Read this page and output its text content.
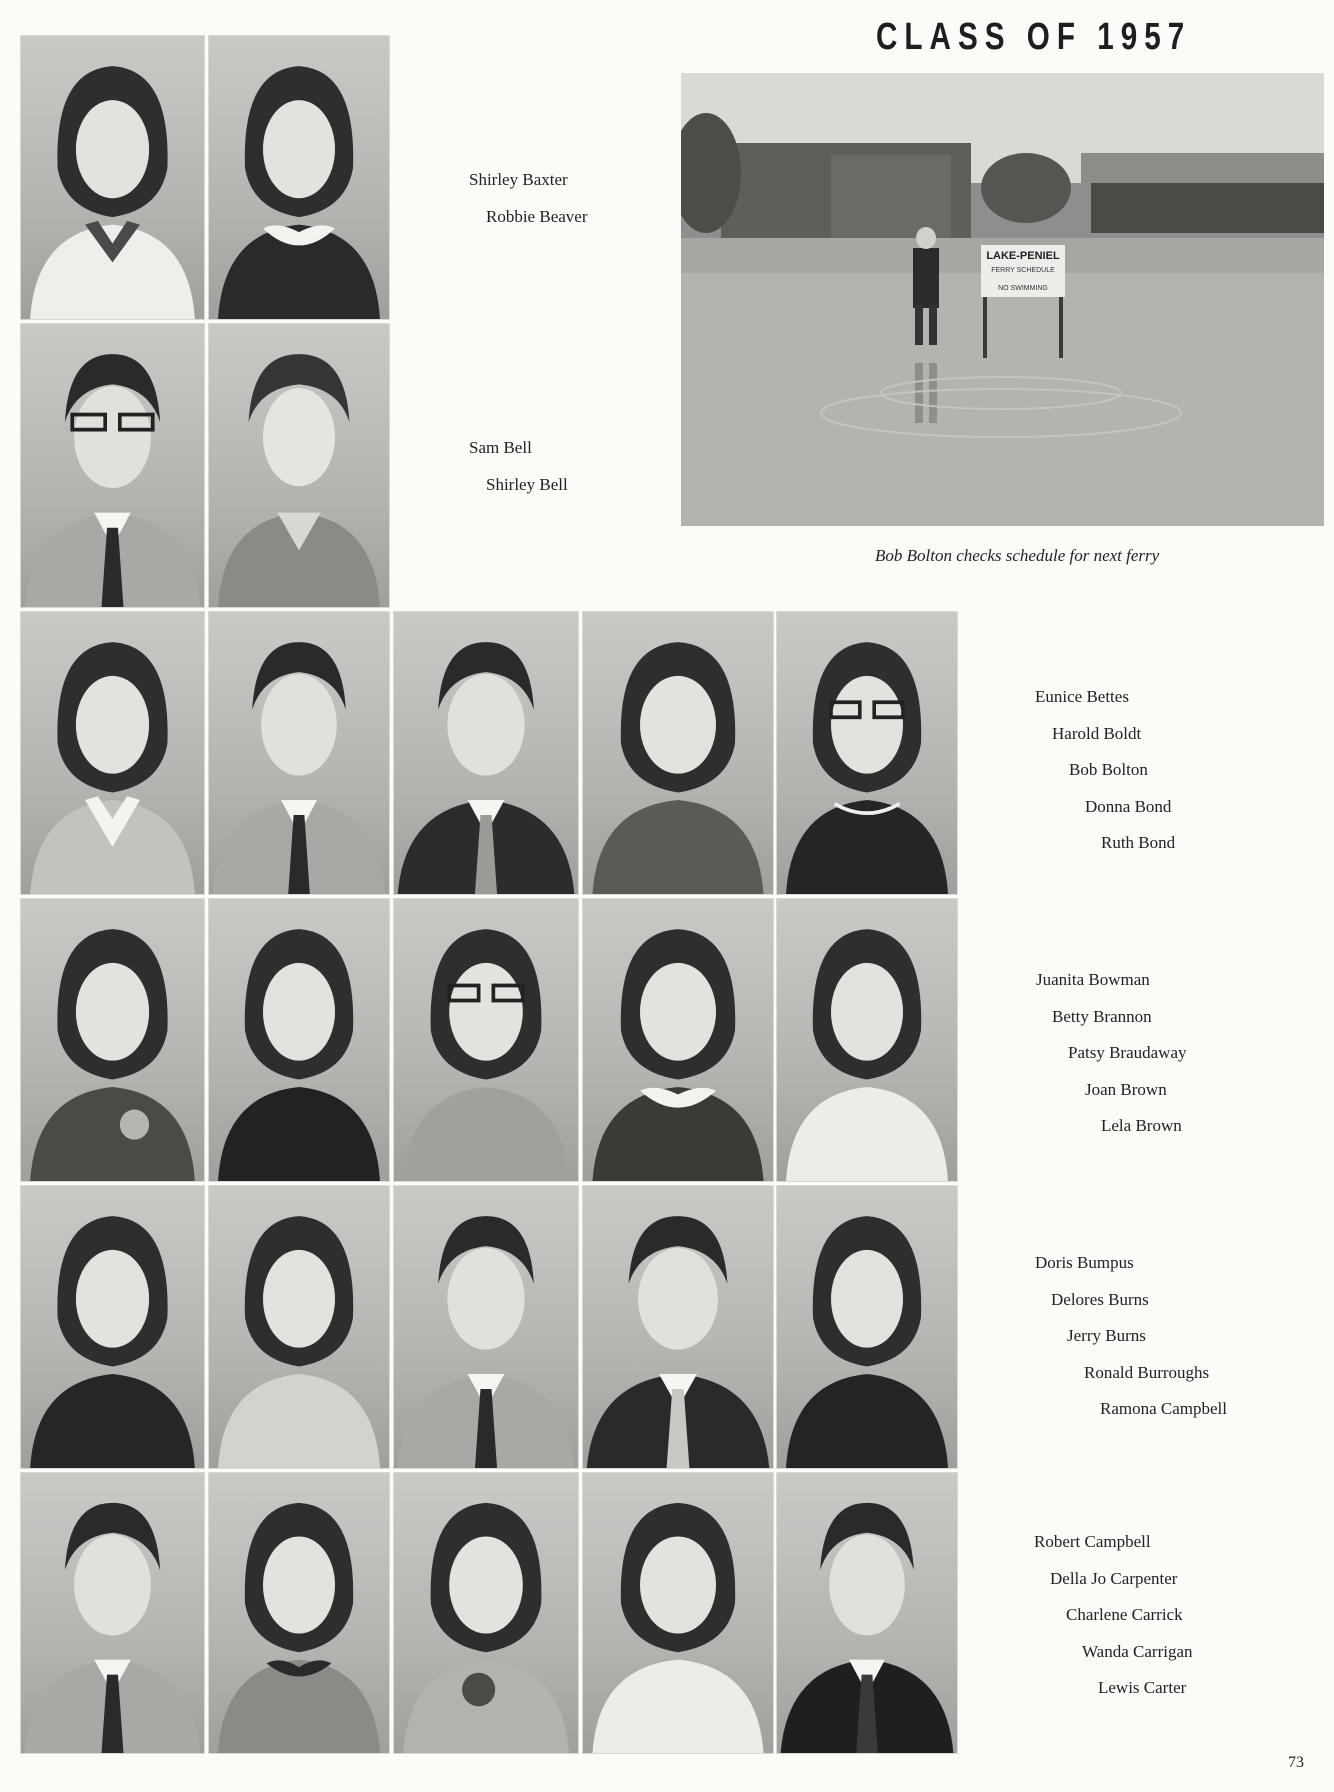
CLASS OF 1957
LAKE-PENIEL
FERRY SCHEDULE
NO SWIMMING
Bob Bolton checks schedule for next ferry
Shirley Baxter
Robbie Beaver
Sam Bell
Shirley Bell
Eunice Bettes
Harold Boldt
Bob Bolton
Donna Bond
Ruth Bond
Juanita Bowman
Betty Brannon
Patsy Braudaway
Joan Brown
Lela Brown
Doris Bumpus
Delores Burns
Jerry Burns
Ronald Burroughs
Ramona Campbell
Robert Campbell
Della Jo Carpenter
Charlene Carrick
Wanda Carrigan
Lewis Carter
73
